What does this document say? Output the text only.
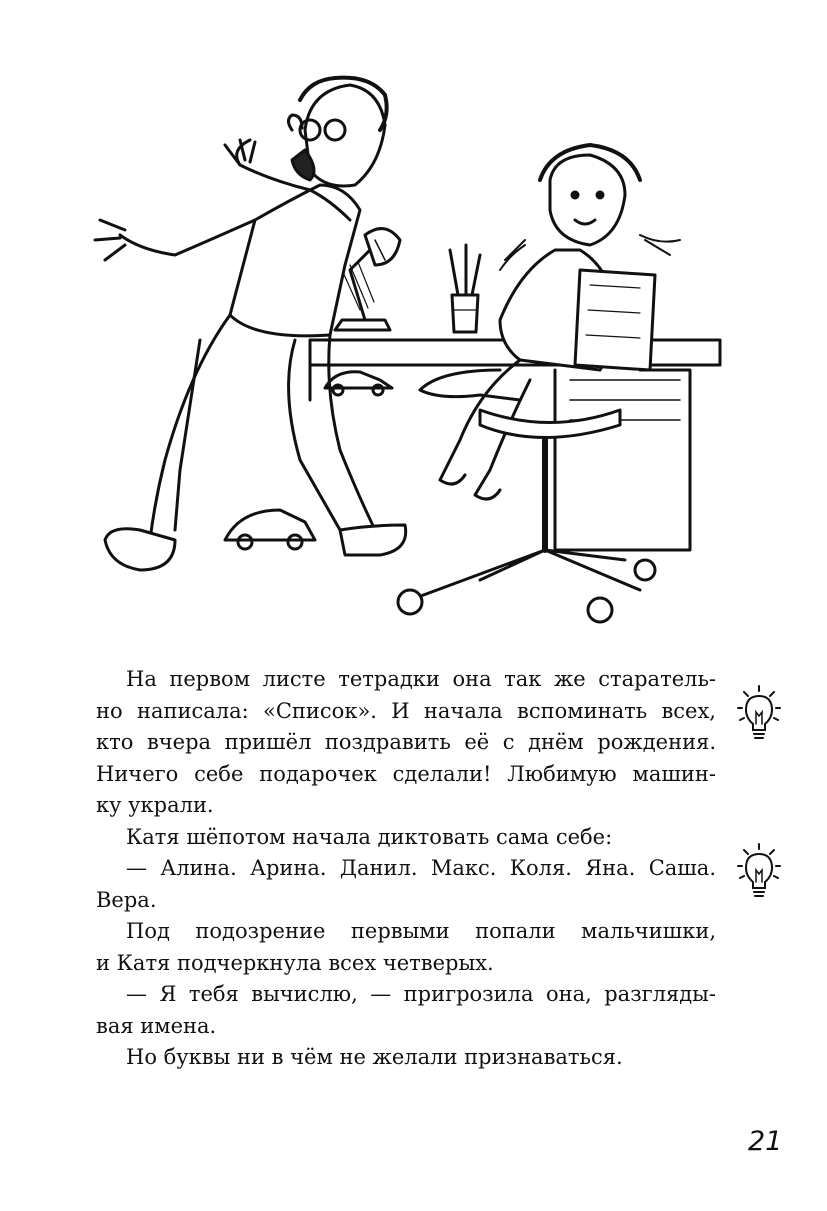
На первом листе тетрадки она так же старатель-
но написала: «Список». И начала вспоминать всех,
кто вчера пришёл поздравить её с днём рождения.
Ничего себе подарочек сделали! Любимую машин-
ку украли.
Катя шёпотом начала диктовать сама себе:
— Алина. Арина. Данил. Макс. Коля. Яна. Саша.
Вера.
Под подозрение первыми попали мальчишки,
и Катя подчеркнула всех четверых.
— Я тебя вычислю, — пригрозила она, разгляды-
вая имена.
Но буквы ни в чём не желали признаваться.
21
